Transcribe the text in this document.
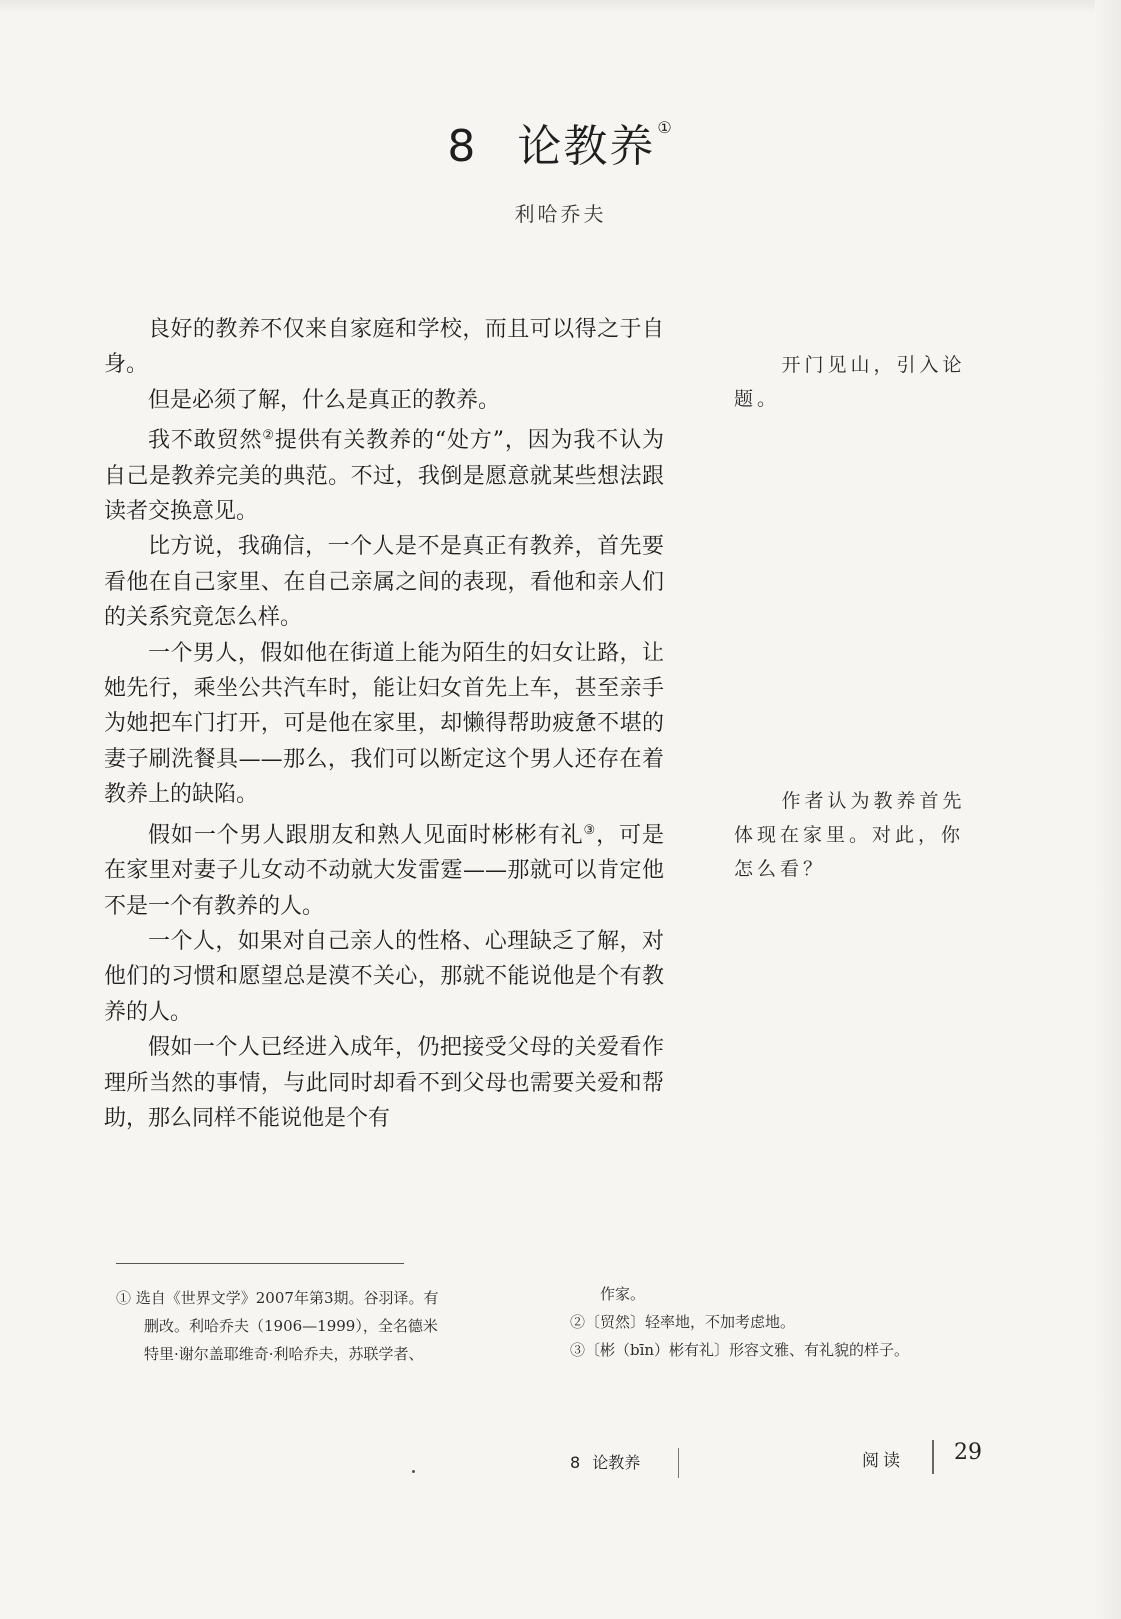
8 论教养 ①
利哈乔夫

良好的教养不仅来自家庭和学校，而且可以得之于自身。

但是必须了解，什么是真正的教养。

我不敢贸然②提供有关教养的“处方”，因为我不认为自己是教养完美的典范。不过，我倒是愿意就某些想法跟读者交换意见。

比方说，我确信，一个人是不是真正有教养，首先要看他在自己家里、在自己亲属之间的表现，看他和亲人们的关系究竟怎么样。

一个男人，假如他在街道上能为陌生的妇女让路，让她先行，乘坐公共汽车时，能让妇女首先上车，甚至亲手为她把车门打开，可是他在家里，却懒得帮助疲惫不堪的妻子刷洗餐具——那么，我们可以断定这个男人还存在着教养上的缺陷。

假如一个男人跟朋友和熟人见面时彬彬有礼③，可是在家里对妻子儿女动不动就大发雷霆——那就可以肯定他不是一个有教养的人。

一个人，如果对自己亲人的性格、心理缺乏了解，对他们的习惯和愿望总是漠不关心，那就不能说他是个有教养的人。

假如一个人已经进入成年，仍把接受父母的关爱看作理所当然的事情，与此同时却看不到父母也需要关爱和帮助，那么同样不能说他是个有

开门见山，引入论题。

作者认为教养首先体现在家里。对此，你怎么看？

① 选自《世界文学》2007年第3期。谷羽译。有
删改。利哈乔夫（1906—1999），全名德米
特里·谢尔盖耶维奇·利哈乔夫，苏联学者、
作家。
②〔贸然〕轻率地，不加考虑地。
③〔彬（bīn）彬有礼〕形容文雅、有礼貌的样子。
8 论教养	阅读 29
